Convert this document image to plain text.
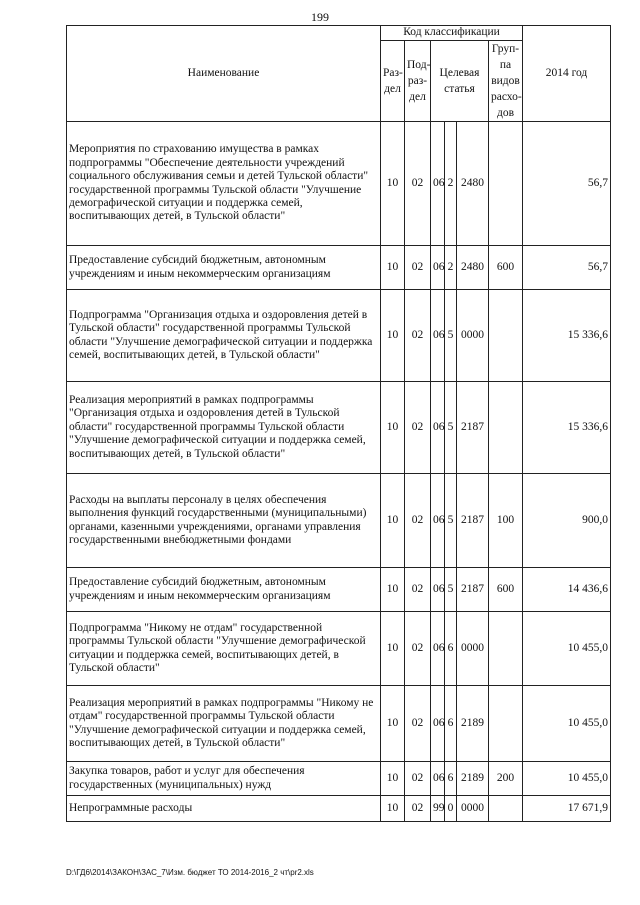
199
Наименование	Код классификации						2014 год
	Раз-дел	Под-раз-дел	Целевая статья			Груп-па видов расхо-дов	
Мероприятия по страхованию имущества в рамках подпрограммы "Обеспечение деятельности учреждений социального обслуживания семьи и детей Тульской области" государственной программы Тульской области "Улучшение демографической ситуации и поддержка семей, воспитывающих детей, в Тульской области"	10	02	06	2	2480		56,7
Предоставление субсидий бюджетным, автономным учреждениям и иным некоммерческим организациям	10	02	06	2	2480	600	56,7
Подпрограмма "Организация отдыха и оздоровления детей в Тульской области" государственной программы Тульской области "Улучшение демографической ситуации и поддержка семей, воспитывающих детей, в Тульской области"	10	02	06	5	0000		15 336,6
Реализация мероприятий в рамках подпрограммы "Организация отдыха и оздоровления детей в Тульской области" государственной программы Тульской области "Улучшение демографической ситуации и поддержка семей, воспитывающих детей, в Тульской области"	10	02	06	5	2187		15 336,6
Расходы на выплаты персоналу в целях обеспечения выполнения функций государственными (муниципальными) органами, казенными учреждениями, органами управления государственными внебюджетными фондами	10	02	06	5	2187	100	900,0
Предоставление субсидий бюджетным, автономным учреждениям и иным некоммерческим организациям	10	02	06	5	2187	600	14 436,6
Подпрограмма "Никому не отдам" государственной программы Тульской области "Улучшение демографической ситуации и поддержка семей, воспитывающих детей, в Тульской области"	10	02	06	6	0000		10 455,0
Реализация мероприятий в рамках подпрограммы "Никому не отдам" государственной программы Тульской области "Улучшение демографической ситуации и поддержка семей, воспитывающих детей, в Тульской области"	10	02	06	6	2189		10 455,0
Закупка товаров, работ и услуг для обеспечения государственных (муниципальных) нужд	10	02	06	6	2189	200	10 455,0
Непрограммные расходы	10	02	99	0	0000		17 671,9
D:\ГД6\2014\ЗАКОН\ЗАС_7\Изм. бюджет ТО 2014-2016_2 чт\pr2.xls
